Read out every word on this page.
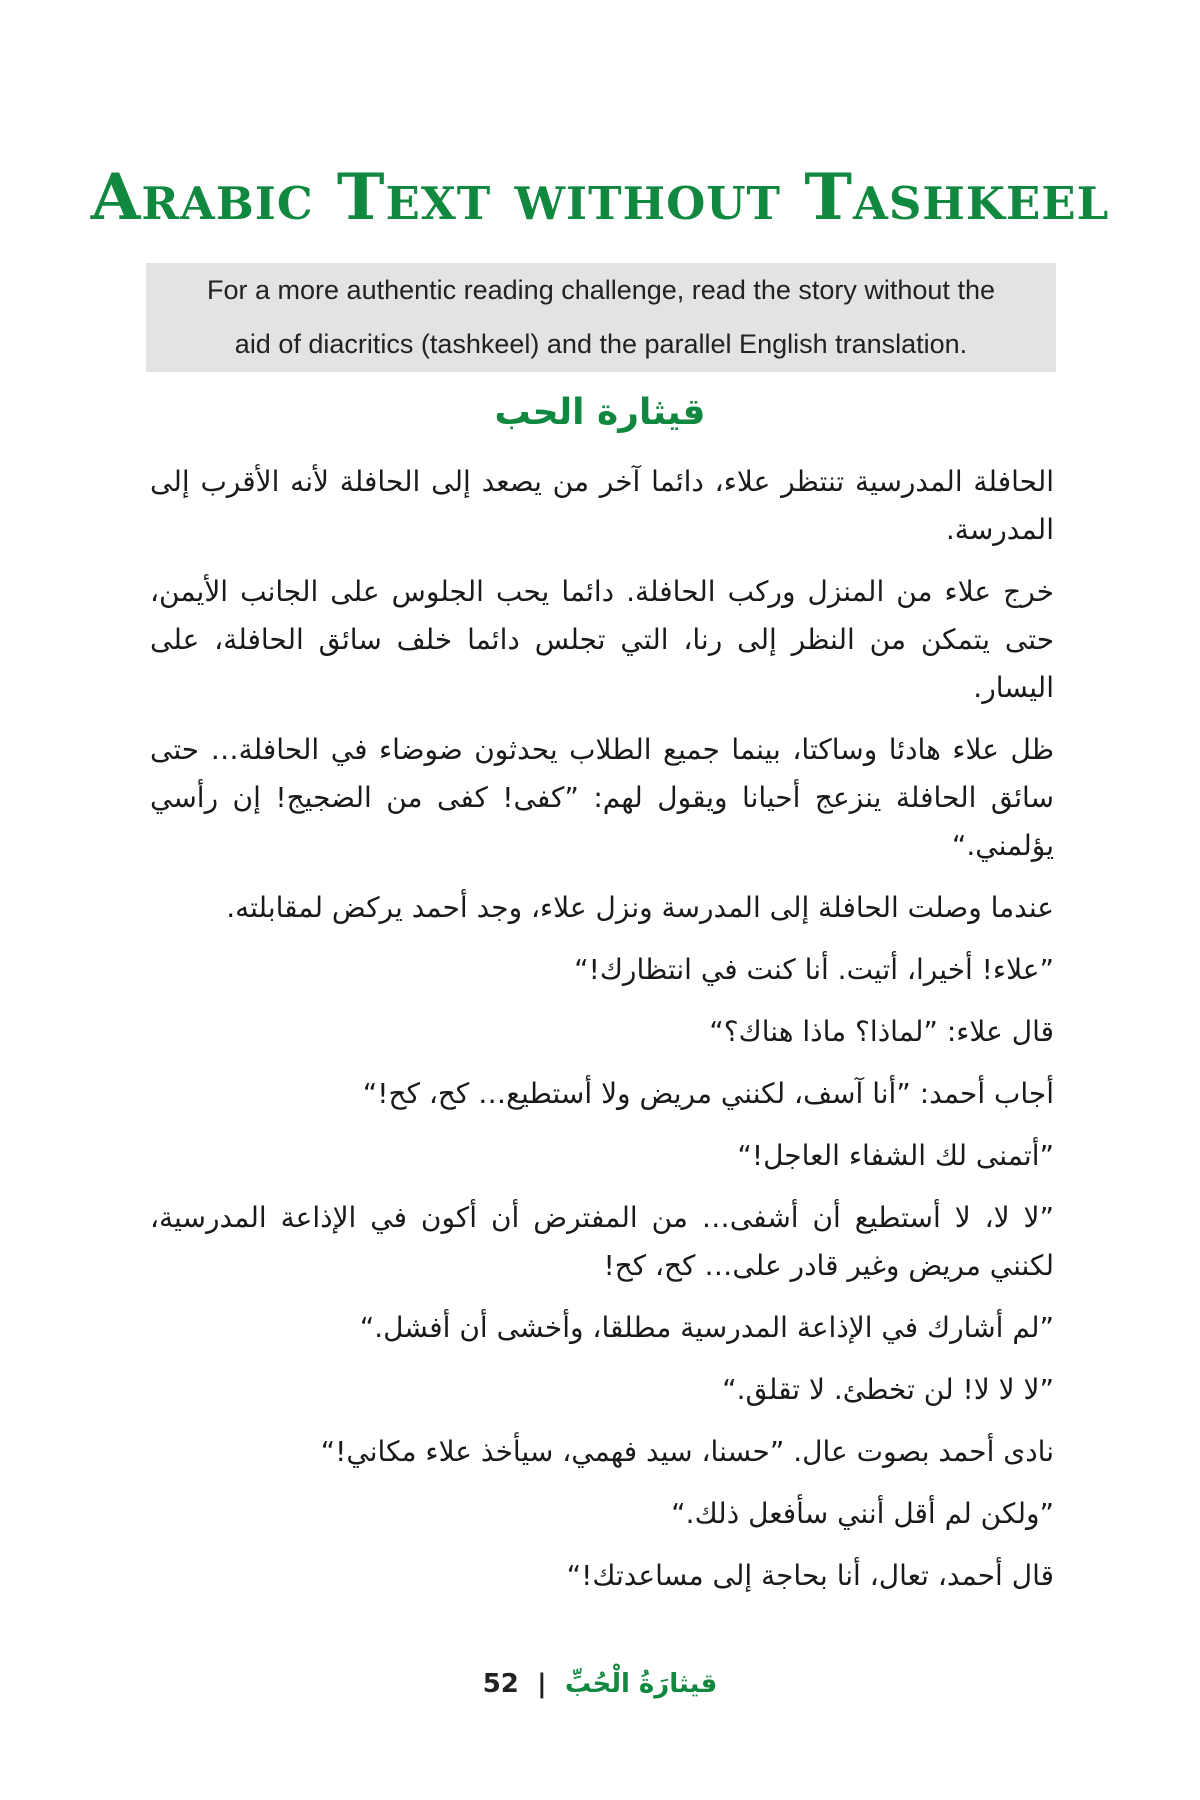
Arabic Text without Tashkeel
For a more authentic reading challenge, read the story without the
aid of diacritics (tashkeel) and the parallel English translation.
قيثارة الحب

الحافلة المدرسية تنتظر علاء، دائما آخر من يصعد إلى الحافلة لأنه الأقرب إلى المدرسة.

خرج علاء من المنزل وركب الحافلة. دائما يحب الجلوس على الجانب الأيمن، حتى يتمكن من النظر إلى رنا، التي تجلس دائما خلف سائق الحافلة، على اليسار.

ظل علاء هادئا وساكتا، بينما جميع الطلاب يحدثون ضوضاء في الحافلة… حتى سائق الحافلة ينزعج أحيانا ويقول لهم: ”كفى! كفى من الضجيج! إن رأسي يؤلمني.“

عندما وصلت الحافلة إلى المدرسة ونزل علاء، وجد أحمد يركض لمقابلته.

”علاء! أخيرا، أتيت. أنا كنت في انتظارك!“

قال علاء: ”لماذا؟ ماذا هناك؟“

أجاب أحمد: ”أنا آسف، لكنني مريض ولا أستطيع… كح، كح!“

”أتمنى لك الشفاء العاجل!“

”لا لا، لا أستطيع أن أشفى… من المفترض أن أكون في الإذاعة المدرسية، لكنني مريض وغير قادر على… كح، كح!

”لم أشارك في الإذاعة المدرسية مطلقا، وأخشى أن أفشل.“

”لا لا لا! لن تخطئ. لا تقلق.“

نادى أحمد بصوت عال. ”حسنا، سيد فهمي، سيأخذ علاء مكاني!“

”ولكن لم أقل أنني سأفعل ذلك.“

قال أحمد، تعال، أنا بحاجة إلى مساعدتك!“

52 | قيثارَةُ الْحُبِّ
